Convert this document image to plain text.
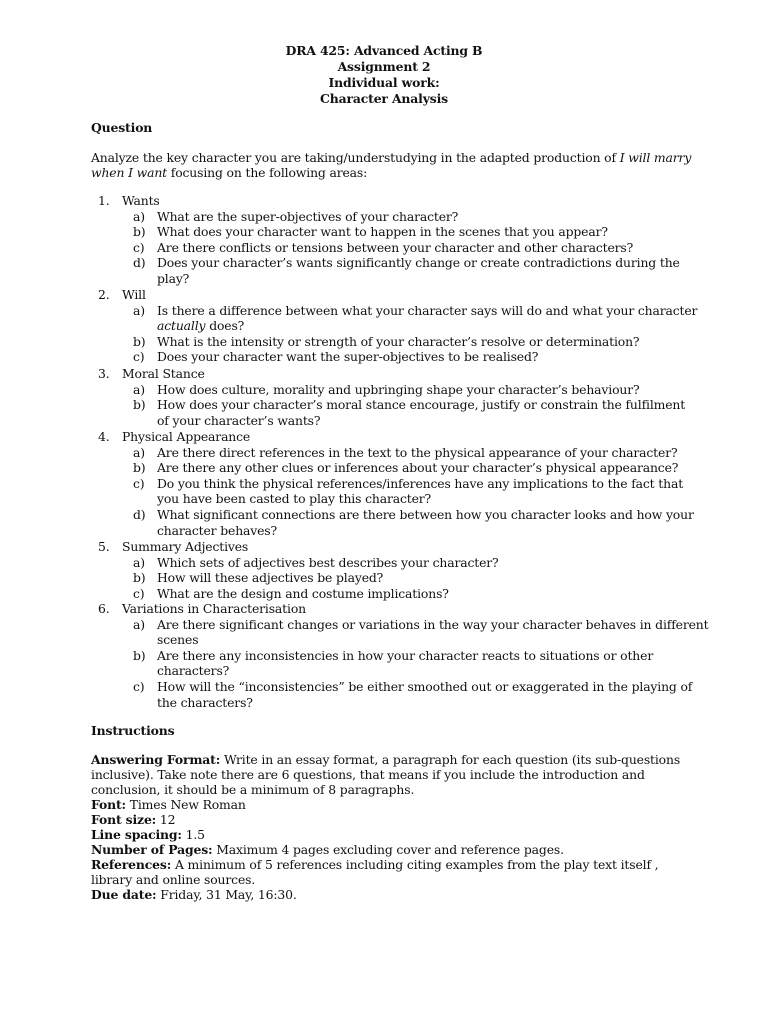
DRA 425: Advanced Acting B
Assignment 2
Individual work:
Character Analysis
Question
Analyze the key character you are taking/understudying in the adapted production of I will marry
when I want focusing on the following areas:
1. Wants
a) What are the super-objectives of your character?
b) What does your character want to happen in the scenes that you appear?
c) Are there conflicts or tensions between your character and other characters?
d) Does your character’s wants significantly change or create contradictions during the
play?
2. Will
a) Is there a difference between what your character says will do and what your character
actually does?
b) What is the intensity or strength of your character’s resolve or determination?
c) Does your character want the super-objectives to be realised?
3. Moral Stance
a) How does culture, morality and upbringing shape your character’s behaviour?
b) How does your character’s moral stance encourage, justify or constrain the fulfilment
of your character’s wants?
4. Physical Appearance
a) Are there direct references in the text to the physical appearance of your character?
b) Are there any other clues or inferences about your character’s physical appearance?
c) Do you think the physical references/inferences have any implications to the fact that
you have been casted to play this character?
d) What significant connections are there between how you character looks and how your
character behaves?
5. Summary Adjectives
a) Which sets of adjectives best describes your character?
b) How will these adjectives be played?
c) What are the design and costume implications?
6. Variations in Characterisation
a) Are there significant changes or variations in the way your character behaves in different
scenes
b) Are there any inconsistencies in how your character reacts to situations or other
characters?
c) How will the “inconsistencies” be either smoothed out or exaggerated in the playing of
the characters?
Instructions
Answering Format: Write in an essay format, a paragraph for each question (its sub-questions
inclusive). Take note there are 6 questions, that means if you include the introduction and
conclusion, it should be a minimum of 8 paragraphs.
Font: Times New Roman
Font size: 12
Line spacing: 1.5
Number of Pages: Maximum 4 pages excluding cover and reference pages.
References: A minimum of 5 references including citing examples from the play text itself ,
library and online sources.
Due date: Friday, 31 May, 16:30.
